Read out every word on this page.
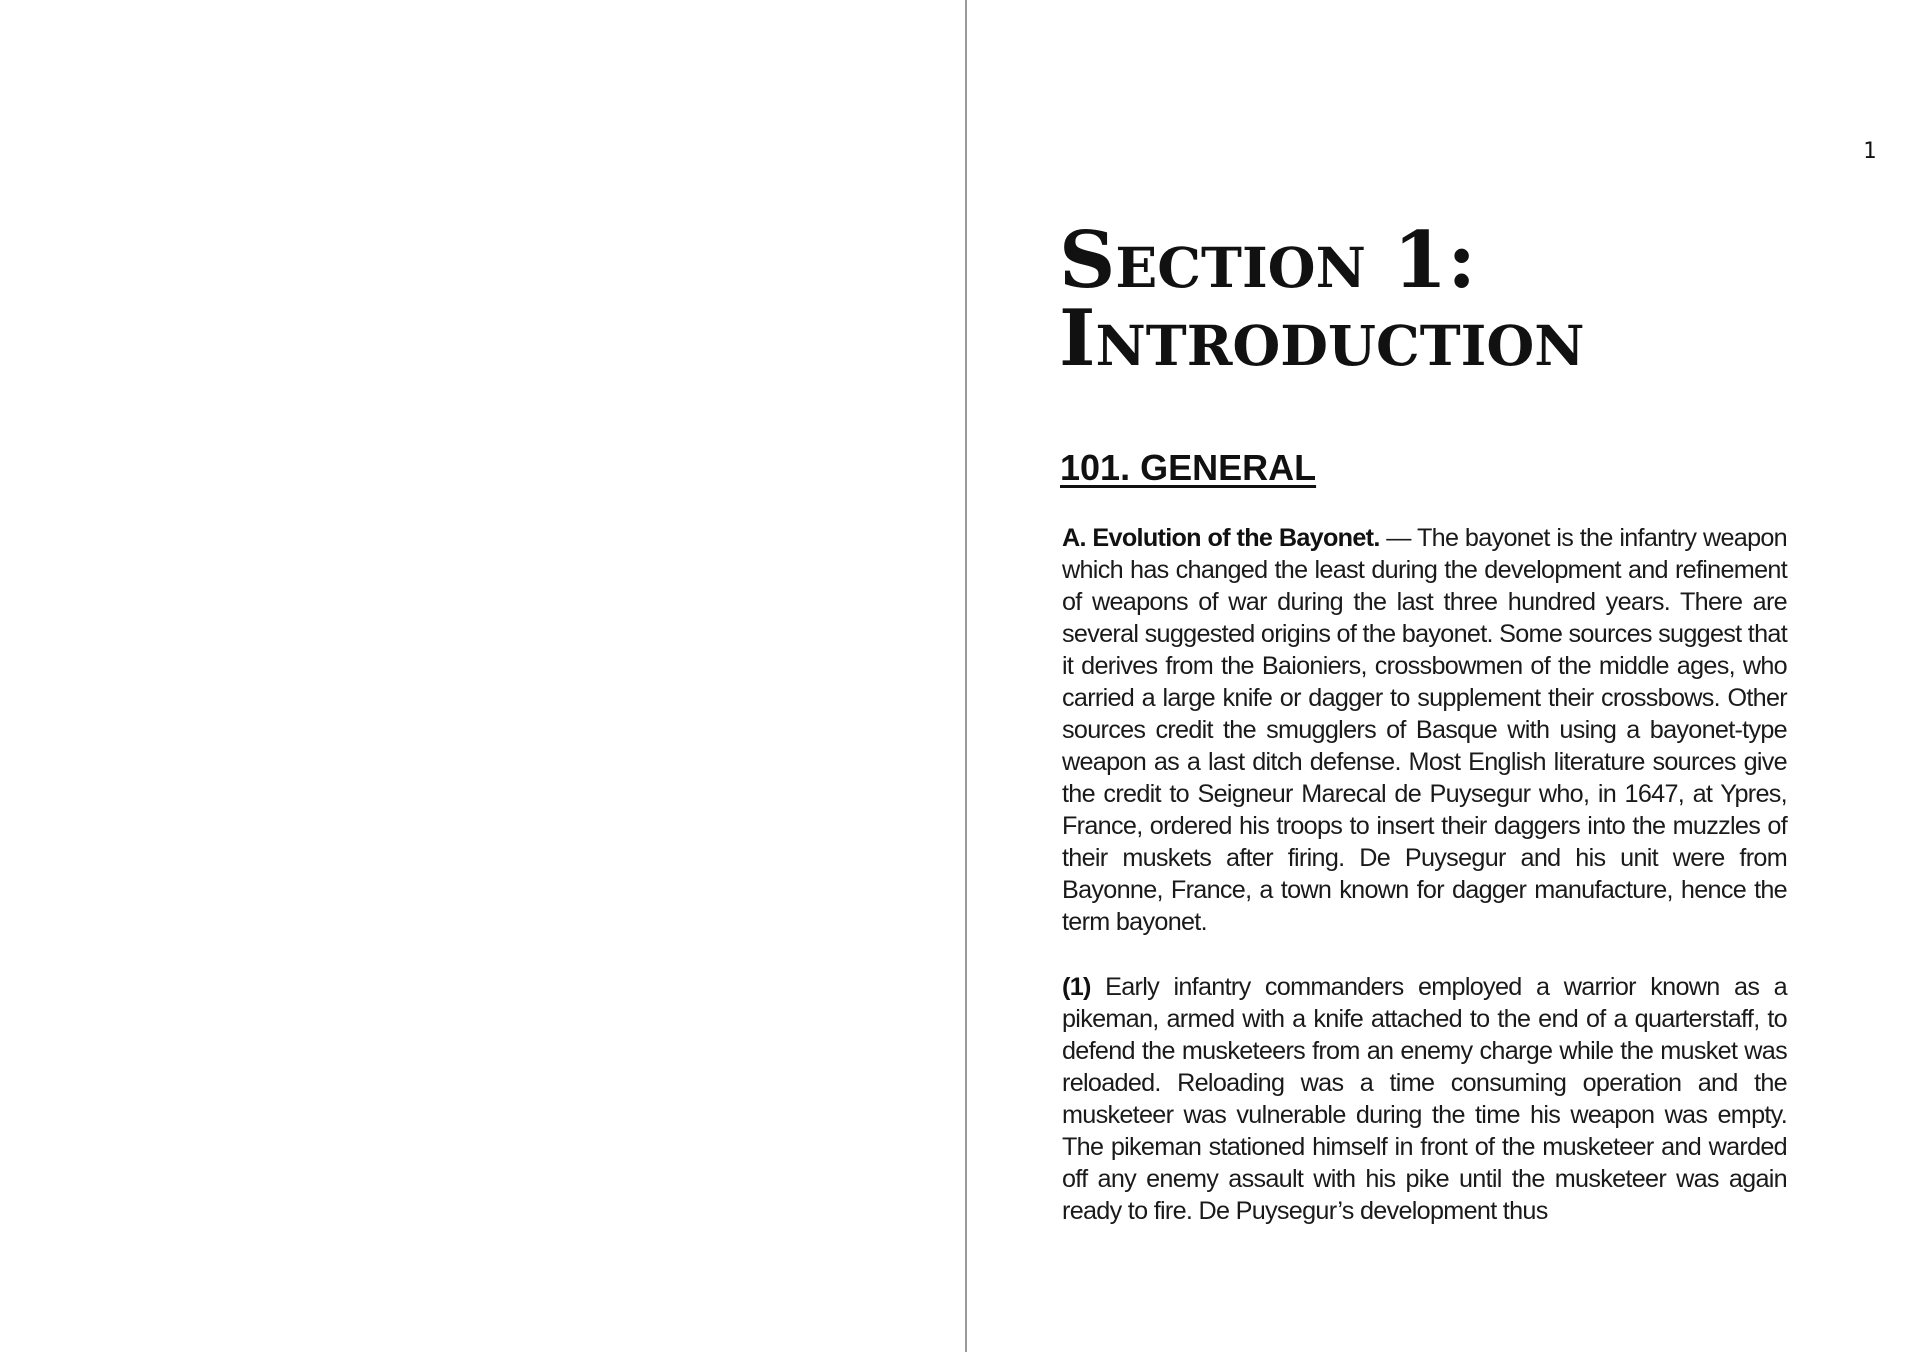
1
Section 1:
Introduction
101. GENERAL

A. Evolution of the Bayonet. — The bayonet is the infantry weapon which has changed the least during the development and refinement of weapons of war during the last three hundred years. There are several suggested origins of the bayonet. Some sources suggest that it derives from the Baioniers, crossbowmen of the middle ages, who carried a large knife or dagger to supplement their crossbows. Other sources credit the smugglers of Basque with using a bayonet-type weapon as a last ditch defense. Most English literature sources give the credit to Seigneur Marecal de Puysegur who, in 1647, at Ypres, France, ordered his troops to insert their daggers into the muzzles of their muskets after firing. De Puysegur and his unit were from Bayonne, France, a town known for dagger manufacture, hence the term bayonet.

(1) Early infantry commanders employed a warrior known as a pikeman, armed with a knife attached to the end of a quarterstaff, to defend the musketeers from an enemy charge while the musket was reloaded. Reloading was a time consuming operation and the musketeer was vulnerable during the time his weapon was empty. The pikeman stationed himself in front of the musketeer and warded off any enemy assault with his pike until the musketeer was again ready to fire. De Puysegur’s development thus
